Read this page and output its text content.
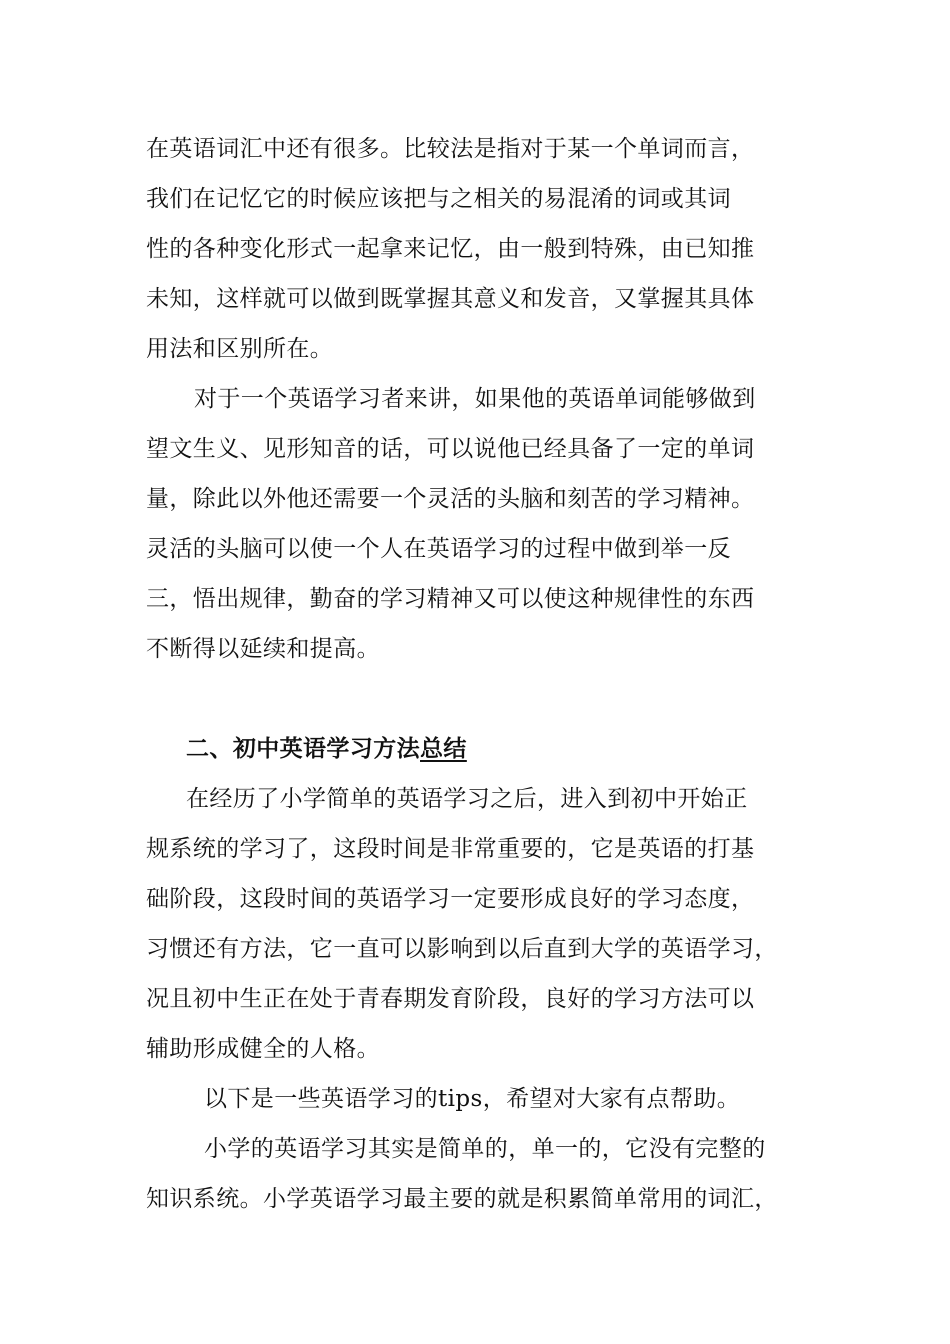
在英语词汇中还有很多。比较法是指对于某一个单词而言，
我们在记忆它的时候应该把与之相关的易混淆的词或其词
性的各种变化形式一起拿来记忆，由一般到特殊，由已知推
未知，这样就可以做到既掌握其意义和发音，又掌握其具体
用法和区别所在。
对于一个英语学习者来讲，如果他的英语单词能够做到
望文生义、见形知音的话，可以说他已经具备了一定的单词
量，除此以外他还需要一个灵活的头脑和刻苦的学习精神。
灵活的头脑可以使一个人在英语学习的过程中做到举一反
三，悟出规律，勤奋的学习精神又可以使这种规律性的东西
不断得以延续和提高。
二、初中英语学习方法总结
在经历了小学简单的英语学习之后，进入到初中开始正
规系统的学习了，这段时间是非常重要的，它是英语的打基
础阶段，这段时间的英语学习一定要形成良好的学习态度，
习惯还有方法，它一直可以影响到以后直到大学的英语学习，
况且初中生正在处于青春期发育阶段，良好的学习方法可以
辅助形成健全的人格。
以下是一些英语学习的tips，希望对大家有点帮助。
小学的英语学习其实是简单的，单一的，它没有完整的
知识系统。小学英语学习最主要的就是积累简单常用的词汇，
